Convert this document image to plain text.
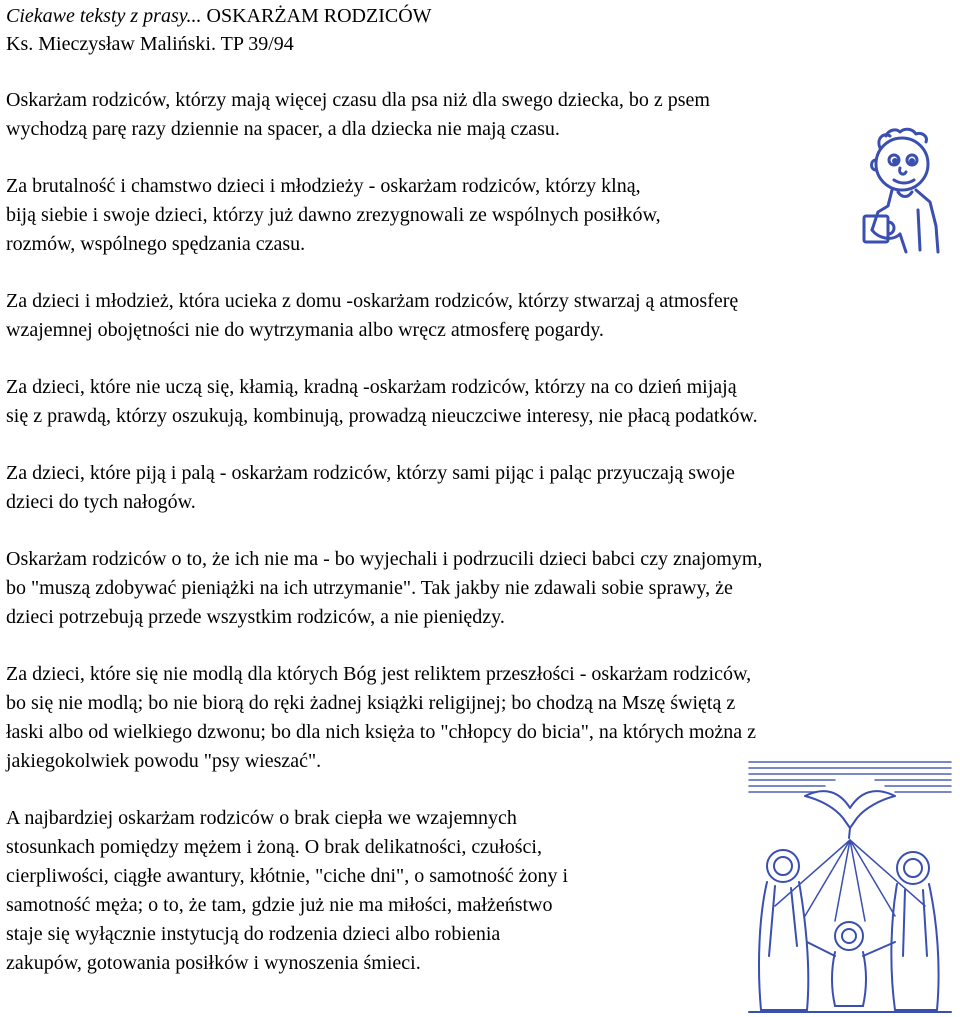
Ciekawe teksty z prasy... OSKARŻAM RODZICÓW
Ks. Mieczysław Maliński. TP 39/94
Oskarżam rodziców, którzy mają więcej czasu dla psa niż dla swego dziecka, bo z psem
wychodzą parę razy dziennie na spacer, a dla dziecka nie mają czasu.
Za brutalność i chamstwo dzieci i młodzieży - oskarżam rodziców, którzy klną,
biją siebie i swoje dzieci, którzy już dawno zrezygnowali ze wspólnych posiłków,
rozmów, wspólnego spędzania czasu.
Za dzieci i młodzież, która ucieka z domu -oskarżam rodziców, którzy stwarzaj ą atmosferę
wzajemnej obojętności nie do wytrzymania albo wręcz atmosferę pogardy.
Za dzieci, które nie uczą się, kłamią, kradną -oskarżam rodziców, którzy na co dzień mijają
się z prawdą, którzy oszukują, kombinują, prowadzą nieuczciwe interesy, nie płacą podatków.
Za dzieci, które piją i palą - oskarżam rodziców, którzy sami pijąc i paląc przyuczają swoje
dzieci do tych nałogów.
Oskarżam rodziców o to, że ich nie ma - bo wyjechali i podrzucili dzieci babci czy znajomym,
bo "muszą zdobywać pieniążki na ich utrzymanie". Tak jakby nie zdawali sobie sprawy, że
dzieci potrzebują przede wszystkim rodziców, a nie pieniędzy.
Za dzieci, które się nie modlą dla których Bóg jest reliktem przeszłości - oskarżam rodziców,
bo się nie modlą; bo nie biorą do ręki żadnej książki religijnej; bo chodzą na Mszę świętą z
łaski albo od wielkiego dzwonu; bo dla nich księża to "chłopcy do bicia", na których można z
jakiegokolwiek powodu "psy wieszać".
A najbardziej oskarżam rodziców o brak ciepła we wzajemnych
stosunkach pomiędzy mężem i żoną. O brak delikatności, czułości,
cierpliwości, ciągłe awantury, kłótnie, "ciche dni", o samotność żony i
samotność męża; o to, że tam, gdzie już nie ma miłości, małżeństwo
staje się wyłącznie instytucją do rodzenia dzieci albo robienia
zakupów, gotowania posiłków i wynoszenia śmieci.
